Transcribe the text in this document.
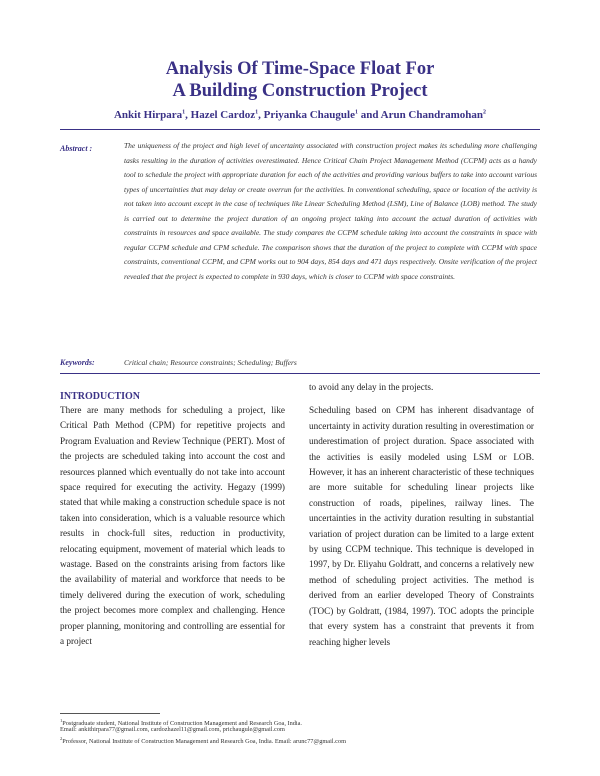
Analysis Of Time-Space Float For
A Building Construction Project
Ankit Hirpara$^1$, Hazel Cardoz$^1$, Priyanka Chaugule$^1$ and Arun Chandramohan$^2$
Abstract :	The uniqueness of the project and high level of uncertainty associated with construction project makes its scheduling more challenging tasks resulting in the duration of activities overestimated. Hence Critical Chain Project Management Method (CCPM) acts as a handy tool to schedule the project with appropriate duration for each of the activities and providing various buffers to take into account various types of uncertainties that may delay or create overrun for the activities. In conventional scheduling, space or location of the activity is not taken into account except in the case of techniques like Linear Scheduling Method (LSM), Line of Balance (LOB) method. The study is carried out to determine the project duration of an ongoing project taking into account the actual duration of activities with constraints in resources and space available. The study compares the CCPM schedule taking into account the constraints in space with regular CCPM schedule and CPM schedule. The comparison shows that the duration of the project to complete with CCPM with space constraints, conventional CCPM, and CPM works out to 904 days, 854 days and 471 days respectively. Onsite verification of the project revealed that the project is expected to complete in 930 days, which is closer to CCPM with space constraints.
Keywords:	Critical chain; Resource constraints; Scheduling; Buffers
INTRODUCTION

There are many methods for scheduling a project, like Critical Path Method (CPM) for repetitive projects and Program Evaluation and Review Technique (PERT). Most of the projects are scheduled taking into account the cost and resources planned which eventually do not take into account space required for executing the activity. Hegazy (1999) stated that while making a construction schedule space is not taken into consideration, which is a valuable resource which results in chock-full sites, reduction in productivity, relocating equipment, movement of material which leads to wastage. Based on the constraints arising from factors like the availability of material and workforce that needs to be timely delivered during the execution of work, scheduling the project becomes more complex and challenging. Hence proper planning, monitoring and controlling are essential for a project

to avoid any delay in the projects.

Scheduling based on CPM has inherent disadvantage of uncertainty in activity duration resulting in overestimation or underestimation of project duration. Space associated with the activities is easily modeled using LSM or LOB. However, it has an inherent characteristic of these techniques are more suitable for scheduling linear projects like construction of roads, pipelines, railway lines. The uncertainties in the activity duration resulting in substantial variation of project duration can be limited to a large extent by using CCPM technique. This technique is developed in 1997, by Dr. Eliyahu Goldratt, and concerns a relatively new method of scheduling project activities. The method is derived from an earlier developed Theory of Constraints (TOC) by Goldratt, (1984, 1997). TOC adopts the principle that every system has a constraint that prevents it from reaching higher levels

$^1$Postgraduate student, National Institute of Construction Management and Research Goa, India.
Email: ankithirpara77@gmail.com, cardozhazel11@gmail.com, prichaugule@gmail.com
$^2$Professor, National Institute of Construction Management and Research Goa, India. Email: arunc77@gmail.com
